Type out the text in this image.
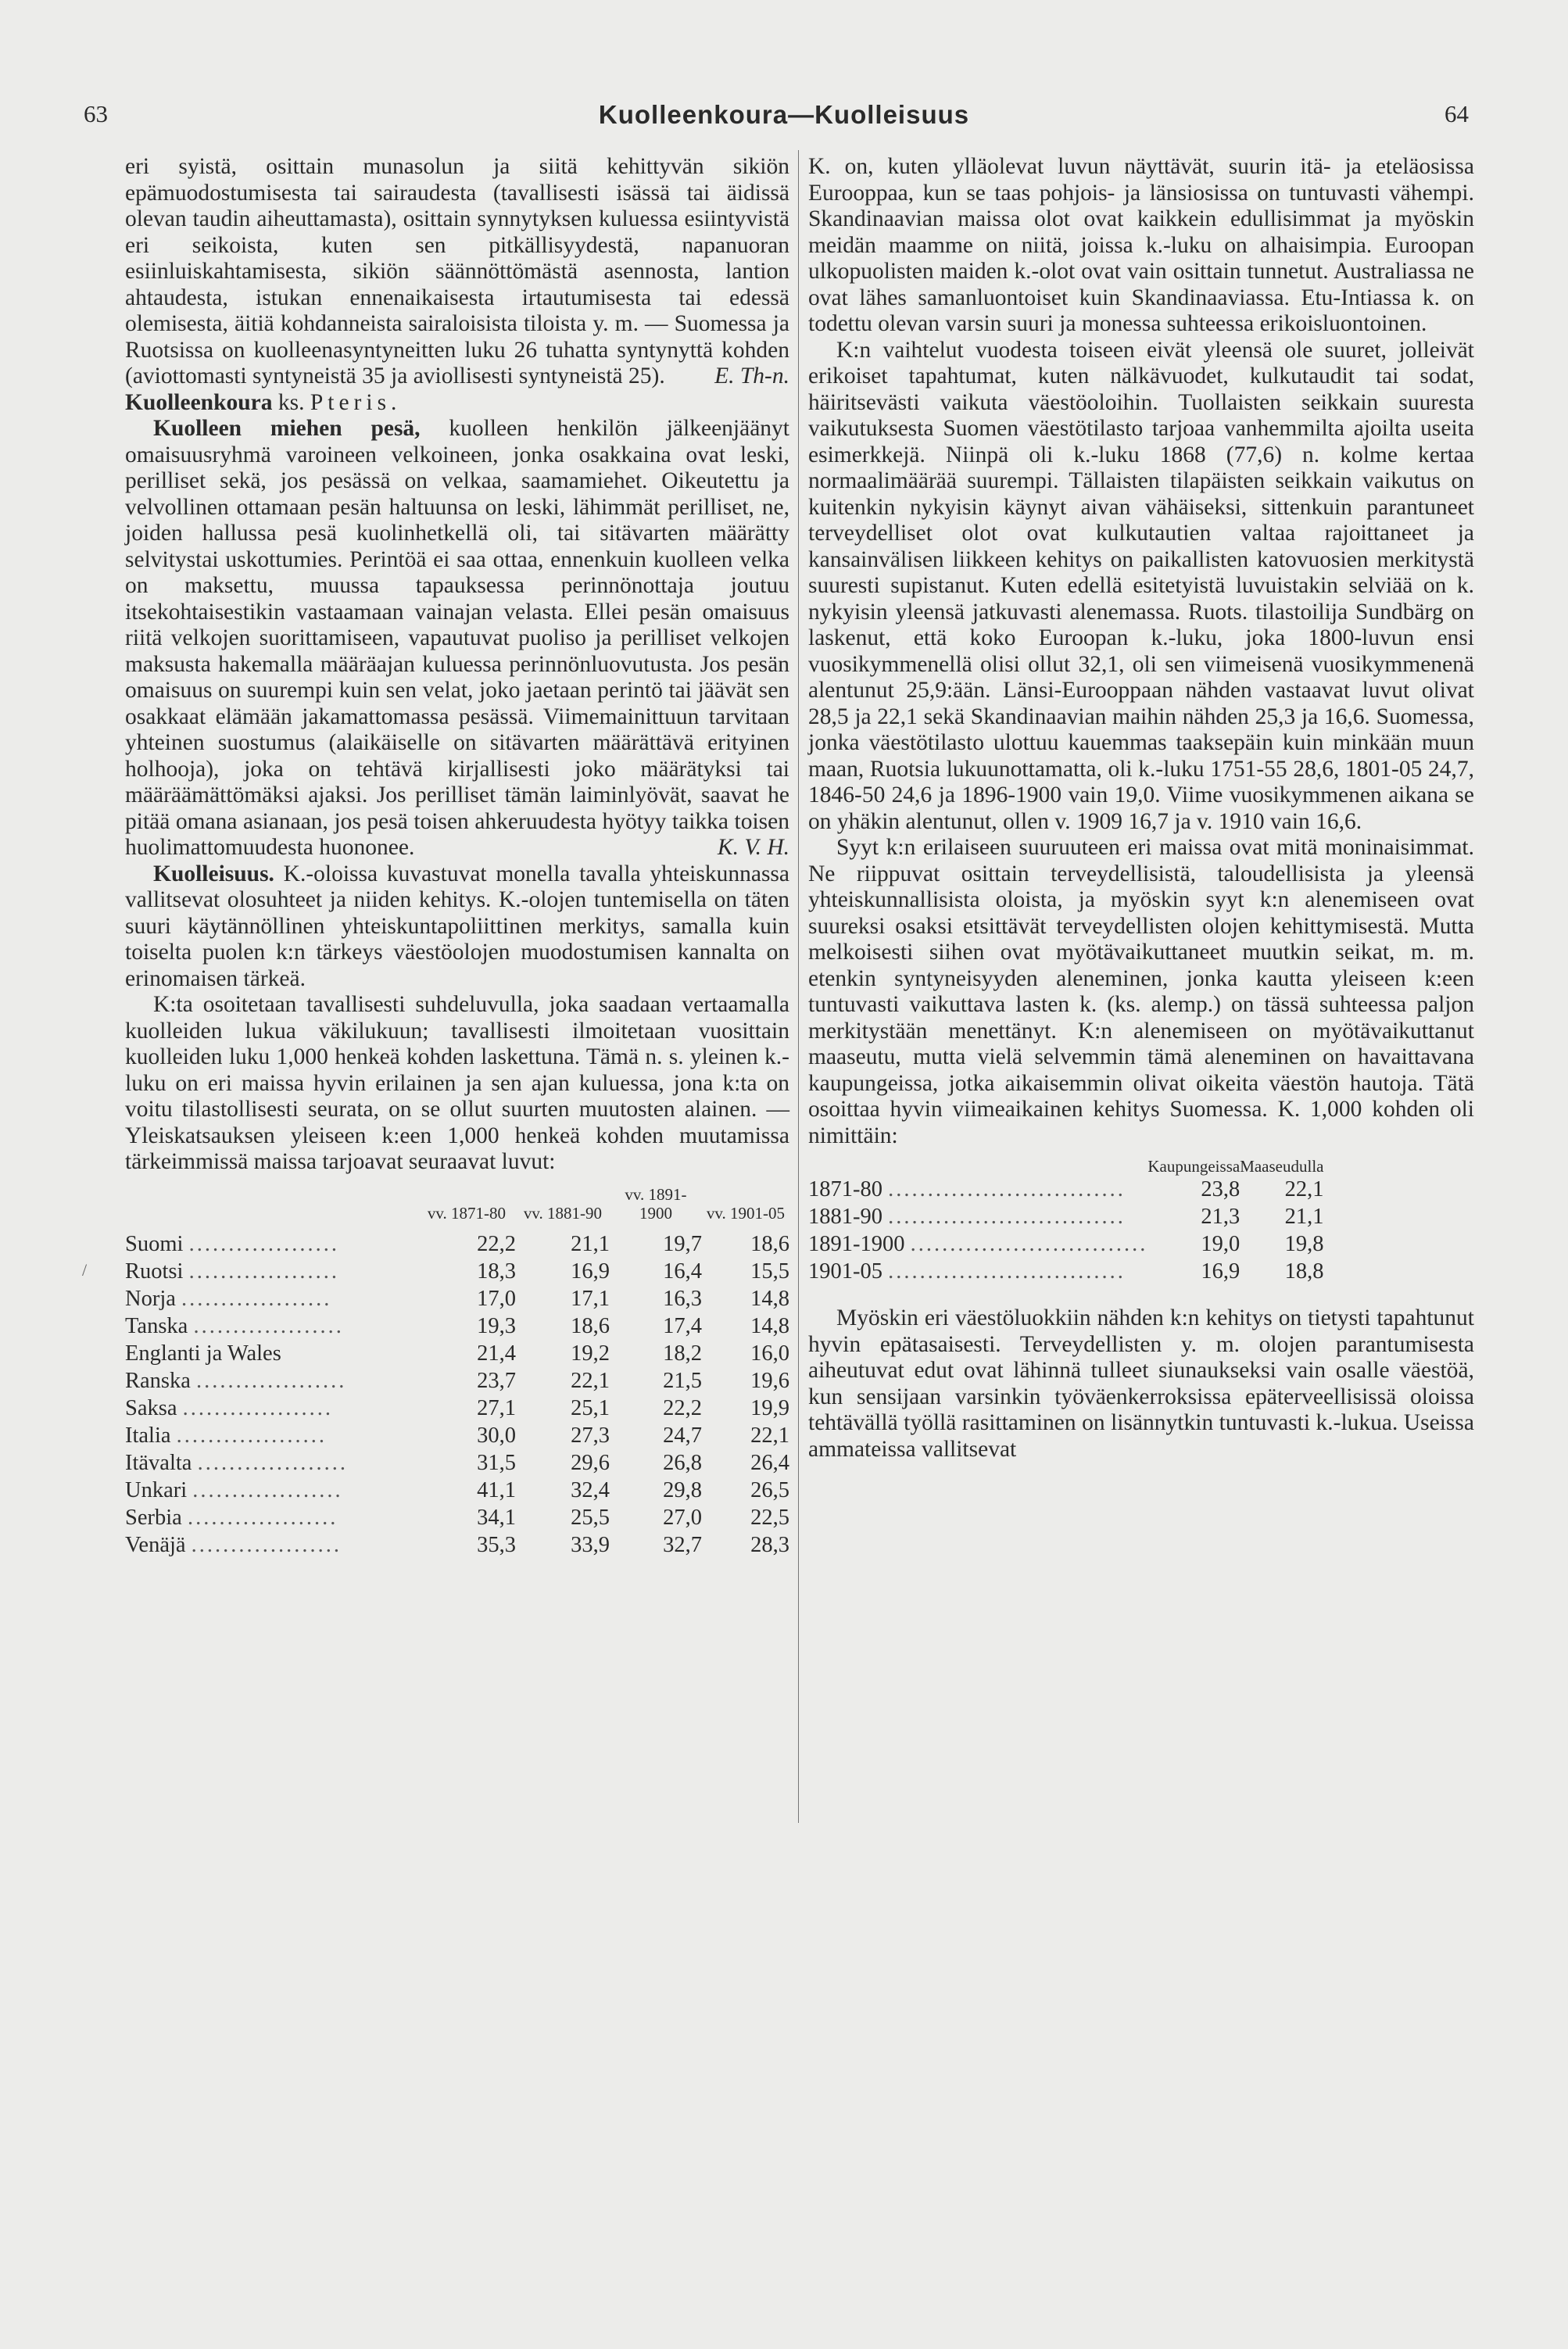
63	Kuolleenkoura—Kuolleisuus	64
/

eri syistä, osittain munasolun ja siitä kehittyvän sikiön epämuodostumisesta tai sairaudesta (tavallisesti isässä tai äidissä olevan taudin aiheuttamasta), osittain synnytyksen kuluessa esiintyvistä eri seikoista, kuten sen pitkällisyydestä, napanuoran esiinluiskahtamisesta, sikiön säännöttömästä asennosta, lantion ahtaudesta, istukan ennenaikaisesta irtautumisesta tai edessä olemisesta, äitiä kohdanneista sairaloisista tiloista y. m. — Suomessa ja Ruotsissa on kuolleenasyntyneitten luku 26 tuhatta syntynyttä kohden (aviottomasti syntyneistä 35 ja aviollisesti syntyneistä 25). E. Th-n.

Kuolleenkoura ks. Pteris.

Kuolleen miehen pesä, kuolleen henkilön jälkeenjäänyt omaisuusryhmä varoineen velkoineen, jonka osakkaina ovat leski, perilliset sekä, jos pesässä on velkaa, saamamiehet. Oikeutettu ja velvollinen ottamaan pesän haltuunsa on leski, lähimmät perilliset, ne, joiden hallussa pesä kuolinhetkellä oli, tai sitävarten määrätty selvitystai uskottumies. Perintöä ei saa ottaa, ennenkuin kuolleen velka on maksettu, muussa tapauksessa perinnönottaja joutuu itsekohtaisestikin vastaamaan vainajan velasta. Ellei pesän omaisuus riitä velkojen suorittamiseen, vapautuvat puoliso ja perilliset velkojen maksusta hakemalla määräajan kuluessa perinnönluovutusta. Jos pesän omaisuus on suurempi kuin sen velat, joko jaetaan perintö tai jäävät sen osakkaat elämään jakamattomassa pesässä. Viimemainittuun tarvitaan yhteinen suostumus (alaikäiselle on sitävarten määrättävä erityinen holhooja), joka on tehtävä kirjallisesti joko määrätyksi tai määräämättömäksi ajaksi. Jos perilliset tämän laiminlyövät, saavat he pitää omana asianaan, jos pesä toisen ahkeruudesta hyötyy taikka toisen huolimattomuudesta huononee.	K. V. H.

Kuolleisuus. K.-oloissa kuvastuvat monella tavalla yhteiskunnassa vallitsevat olosuhteet ja niiden kehitys. K.-olojen tuntemisella on täten suuri käytännöllinen yhteiskuntapoliittinen merkitys, samalla kuin toiselta puolen k:n tärkeys väestöolojen muodostumisen kannalta on erinomaisen tärkeä.

K:ta osoitetaan tavallisesti suhdeluvulla, joka saadaan vertaamalla kuolleiden lukua väkilukuun; tavallisesti ilmoitetaan vuosittain kuolleiden luku 1,000 henkeä kohden laskettuna. Tämä n. s. yleinen k.-luku on eri maissa hyvin erilainen ja sen ajan kuluessa, jona k:ta on voitu tilastollisesti seurata, on se ollut suurten muutosten alainen. —Yleiskatsauksen yleiseen k:een 1,000 henkeä kohden muutamissa tärkeimmissä maissa tarjoavat seuraavat luvut:

	vv. 1871-80	vv. 1881-90	vv. 1891-1900	vv. 1901-05

Suomi ...................	22,2	21,1	19,7	18,6
Ruotsi ...................	18,3	16,9	16,4	15,5
Norja ...................	17,0	17,1	16,3	14,8
Tanska ...................	19,3	18,6	17,4	14,8
Englanti ja Wales	21,4	19,2	18,2	16,0
Ranska ...................	23,7	22,1	21,5	19,6
Saksa ...................	27,1	25,1	22,2	19,9
Italia ...................	30,0	27,3	24,7	22,1
Itävalta ...................	31,5	29,6	26,8	26,4
Unkari ...................	41,1	32,4	29,8	26,5
Serbia ...................	34,1	25,5	27,0	22,5
Venäjä ...................	35,3	33,9	32,7	28,3

K. on, kuten ylläolevat luvun näyttävät, suurin itä- ja eteläosissa Eurooppaa, kun se taas pohjois- ja länsiosissa on tuntuvasti vähempi. Skandinaavian maissa olot ovat kaikkein edullisimmat ja myöskin meidän maamme on niitä, joissa k.-luku on alhaisimpia. Euroopan ulkopuolisten maiden k.-olot ovat vain osittain tunnetut. Australiassa ne ovat lähes samanluontoiset kuin Skandinaaviassa. Etu-Intiassa k. on todettu olevan varsin suuri ja monessa suhteessa erikoisluontoinen.

K:n vaihtelut vuodesta toiseen eivät yleensä ole suuret, jolleivät erikoiset tapahtumat, kuten nälkävuodet, kulkutaudit tai sodat, häiritsevästi vaikuta väestöoloihin. Tuollaisten seikkain suuresta vaikutuksesta Suomen väestötilasto tarjoaa vanhemmilta ajoilta useita esimerkkejä. Niinpä oli k.-luku 1868 (77,6) n. kolme kertaa normaalimäärää suurempi. Tällaisten tilapäisten seikkain vaikutus on kuitenkin nykyisin käynyt aivan vähäiseksi, sittenkuin parantuneet terveydelliset olot ovat kulkutautien valtaa rajoittaneet ja kansainvälisen liikkeen kehitys on paikallisten katovuosien merkitystä suuresti supistanut. Kuten edellä esitetyistä luvuistakin selviää on k. nykyisin yleensä jatkuvasti alenemassa. Ruots. tilastoilija Sundbärg on laskenut, että koko Euroopan k.-luku, joka 1800-luvun ensi vuosikymmenellä olisi ollut 32,1, oli sen viimeisenä vuosikymmenenä alentunut 25,9:ään. Länsi-Eurooppaan nähden vastaavat luvut olivat 28,5 ja 22,1 sekä Skandinaavian maihin nähden 25,3 ja 16,6. Suomessa, jonka väestötilasto ulottuu kauemmas taaksepäin kuin minkään muun maan, Ruotsia lukuunottamatta, oli k.-luku 1751-55 28,6, 1801-05 24,7, 1846-50 24,6 ja 1896-1900 vain 19,0. Viime vuosikymmenen aikana se on yhäkin alentunut, ollen v. 1909 16,7 ja v. 1910 vain 16,6.

Syyt k:n erilaiseen suuruuteen eri maissa ovat mitä moninaisimmat. Ne riippuvat osittain terveydellisistä, taloudellisista ja yleensä yhteiskunnallisista oloista, ja myöskin syyt k:n alenemiseen ovat suureksi osaksi etsittävät terveydellisten olojen kehittymisestä. Mutta melkoisesti siihen ovat myötävaikuttaneet muutkin seikat, m. m. etenkin syntyneisyyden aleneminen, jonka kautta yleiseen k:een tuntuvasti vaikuttava lasten k. (ks. alemp.) on tässä suhteessa paljon merkitystään menettänyt. K:n alenemiseen on myötävaikuttanut maaseutu, mutta vielä selvemmin tämä aleneminen on havaittavana kaupungeissa, jotka aikaisemmin olivat oikeita väestön hautoja. Tätä osoittaa hyvin viimeaikainen kehitys Suomessa. K. 1,000 kohden oli nimittäin:

	Kaupungeissa	Maaseudulla
1871-80 ..............................	23,8	22,1
1881-90 ..............................	21,3	21,1
1891-1900 ..............................	19,0	19,8
1901-05 ..............................	16,9	18,8

Myöskin eri väestöluokkiin nähden k:n kehitys on tietysti tapahtunut hyvin epätasaisesti. Terveydellisten y. m. olojen parantumisesta aiheutuvat edut ovat lähinnä tulleet siunaukseksi vain osalle väestöä, kun sensijaan varsinkin työväenkerroksissa epäterveellisissä oloissa tehtävällä työllä rasittaminen on lisännytkin tuntuvasti k.-lukua. Useissa ammateissa vallitsevat
